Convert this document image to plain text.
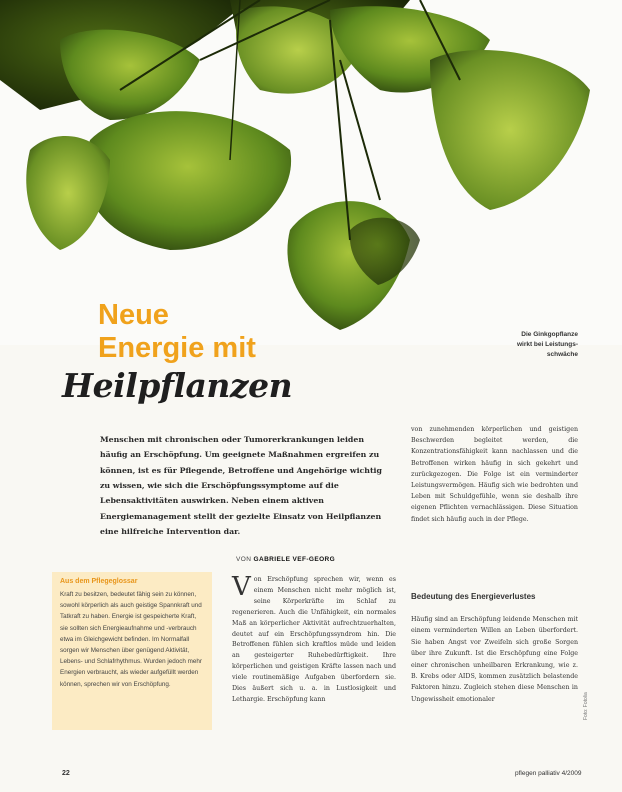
Neue
Energie mit
Heilpflanzen
Die Ginkgopflanze
wirkt bei Leistungs-
schwäche

Menschen mit chronischen oder Tumorerkrankungen leiden häufig an Erschöpfung. Um geeignete Maßnahmen ergreifen zu können, ist es für Pflegende, Betroffene und Angehörige wichtig zu wissen, wie sich die Erschöpfungssymptome auf die Lebensaktivitäten auswirken. Neben einem aktiven Energiemanagement stellt der gezielte Einsatz von Heilpflanzen eine hilfreiche Intervention dar.

VON GABRIELE VEF-GEORG
Aus dem Pflegeglossar
Kraft zu besitzen, bedeutet fähig sein zu können, sowohl körperlich als auch geistige Spannkraft und Tatkraft zu haben. Energie ist gespeicherte Kraft, sie sollten sich Energieaufnahme und -verbrauch etwa im Gleichgewicht befinden. Im Normalfall sorgen wir Menschen über genügend Aktivität, Lebens- und Schlafrhythmus. Wurden jedoch mehr Energien verbraucht, als wieder aufgefüllt werden können, sprechen wir von Erschöpfung.
Von Erschöpfung sprechen wir, wenn es einem Menschen nicht mehr möglich ist, seine Körperkräfte im Schlaf zu regenerieren. Auch die Unfähigkeit, ein normales Maß an körperlicher Aktivität aufrechtzuerhalten, deutet auf ein Erschöpfungssyndrom hin. Die Betroffenen fühlen sich kraftlos müde und leiden an gesteigerter Ruhebedürftigkeit. Ihre körperlichen und geistigen Kräfte lassen nach und viele routinemäßige Aufgaben überfordern sie. Dies äußert sich u. a. in Lustlosigkeit und Lethargie. Erschöpfung kann
von zunehmenden körperlichen und geistigen Beschwerden begleitet werden, die Konzentrationsfähigkeit kann nachlassen und die Betroffenen wirken häufig in sich gekehrt und zurückgezogen. Die Folge ist ein verminderter Leistungsvermögen. Häufig sich wie bedrohten und Leben mit Schuldgefühle, wenn sie deshalb ihre eigenen Pflichten vernachlässigen. Diese Situation findet sich häufig auch in der Pflege.
Bedeutung des Energieverlustes
Häufig sind an Erschöpfung leidende Menschen mit einem verminderten Willen an Leben überfordert. Sie haben Angst vor Zweifeln sich große Sorgen über ihre Zukunft. Ist die Erschöpfung eine Folge einer chronischen unheilbaren Erkrankung, wie z. B. Krebs oder AIDS, kommen zusätzlich belastende Faktoren hinzu. Zugleich stehen diese Menschen in Ungewissheit emotionaler	Foto: Fotolia
22	pflegen palliativ 4/2009
